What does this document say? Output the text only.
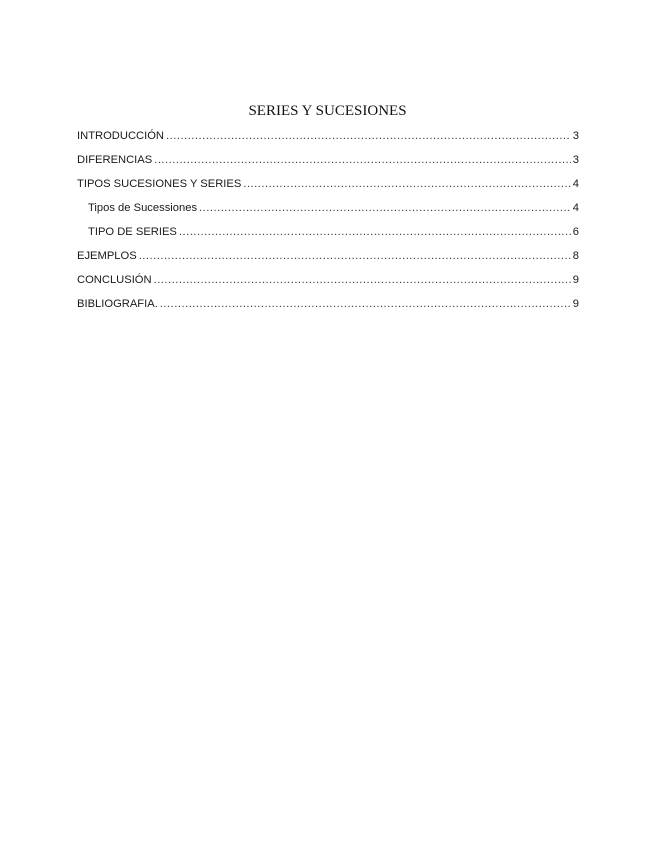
SERIES Y SUCESIONES
INTRODUCCIÓN .....	3
DIFERENCIAS .....	3
TIPOS SUCESIONES Y SERIES .....	4
Tipos de Sucessiones .....	4
TIPO DE SERIES .....	6
EJEMPLOS .....	8
CONCLUSIÓN .....	9
BIBLIOGRAFIA. .....	9
